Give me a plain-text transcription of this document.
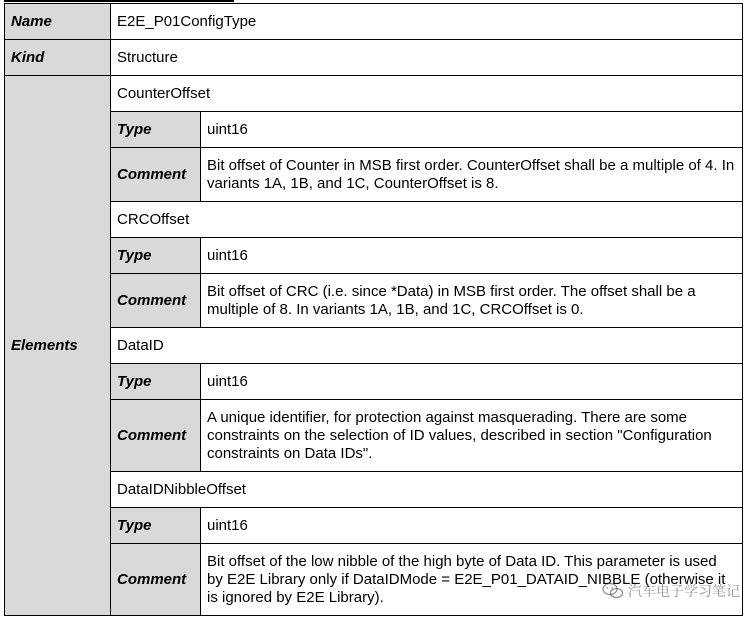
Name	E2E_P01ConfigType	
Kind	Structure	
Elements	CounterOffset	
	Type	uint16
	Comment	Bit offset of Counter in MSB first order. CounterOffset shall be a multiple of 4. In variants 1A, 1B, and 1C, CounterOffset is 8.
	CRCOffset	
	Type	uint16
	Comment	Bit offset of CRC (i.e. since *Data) in MSB first order. The offset shall be a multiple of 8. In variants 1A, 1B, and 1C, CRCOffset is 0.
	DataID	
	Type	uint16
	Comment	A unique identifier, for protection against masquerading. There are some constraints on the selection of ID values, described in section "Configuration constraints on Data IDs".
	DataIDNibbleOffset	
	Type	uint16
	Comment	Bit offset of the low nibble of the high byte of Data ID. This parameter is used by E2E Library only if DataIDMode = E2E_P01_DATAID_NIBBLE (otherwise it is ignored by E2E Library).	汽车电子学习笔记
